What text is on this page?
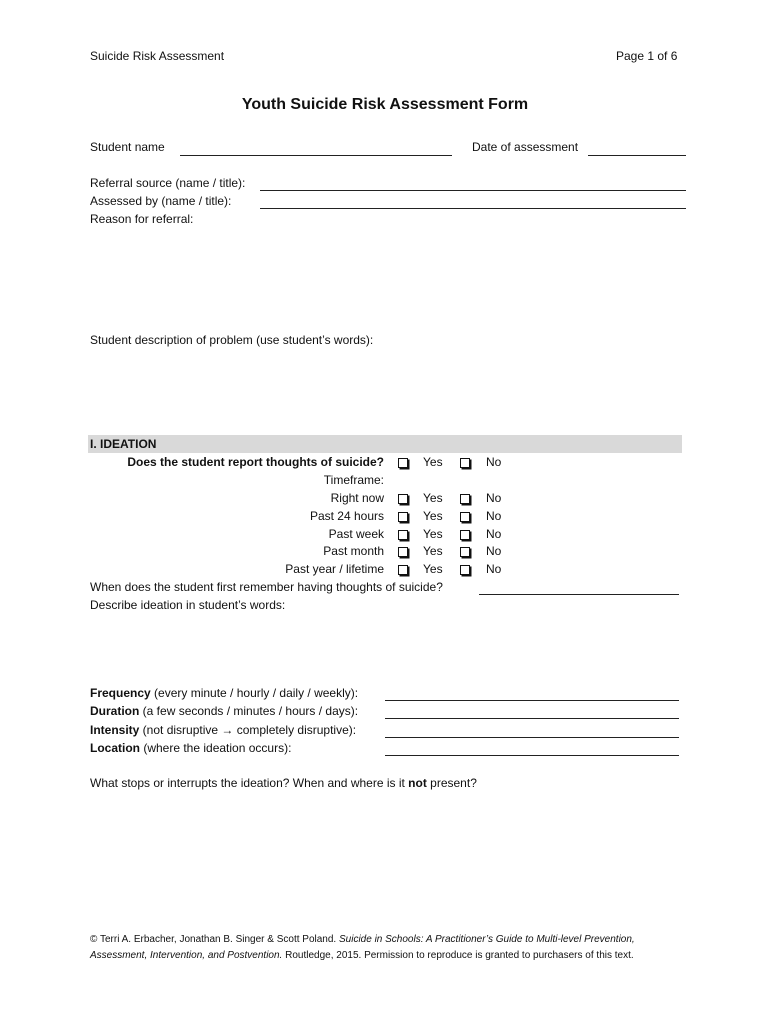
Suicide Risk Assessment	Page 1 of 6
Youth Suicide Risk Assessment Form
Student name	Date of assessment
Referral source (name / title):
Assessed by (name / title):
Reason for referral:
Student description of problem (use student’s words):
I. IDEATION
Does the student report thoughts of suicide?	Yes	No
Timeframe:
Right now	Yes	No
Past 24 hours	Yes	No
Past week	Yes	No
Past month	Yes	No
Past year / lifetime	Yes	No
When does the student first remember having thoughts of suicide?
Describe ideation in student’s words:
Frequency (every minute / hourly / daily / weekly):
Duration (a few seconds / minutes / hours / days):
Intensity (not disruptive → completely disruptive):
Location (where the ideation occurs):
What stops or interrupts the ideation? When and where is it not present?
© Terri A. Erbacher, Jonathan B. Singer & Scott Poland. Suicide in Schools: A Practitioner’s Guide to Multi-level Prevention, Assessment, Intervention, and Postvention. Routledge, 2015. Permission to reproduce is granted to purchasers of this text.
